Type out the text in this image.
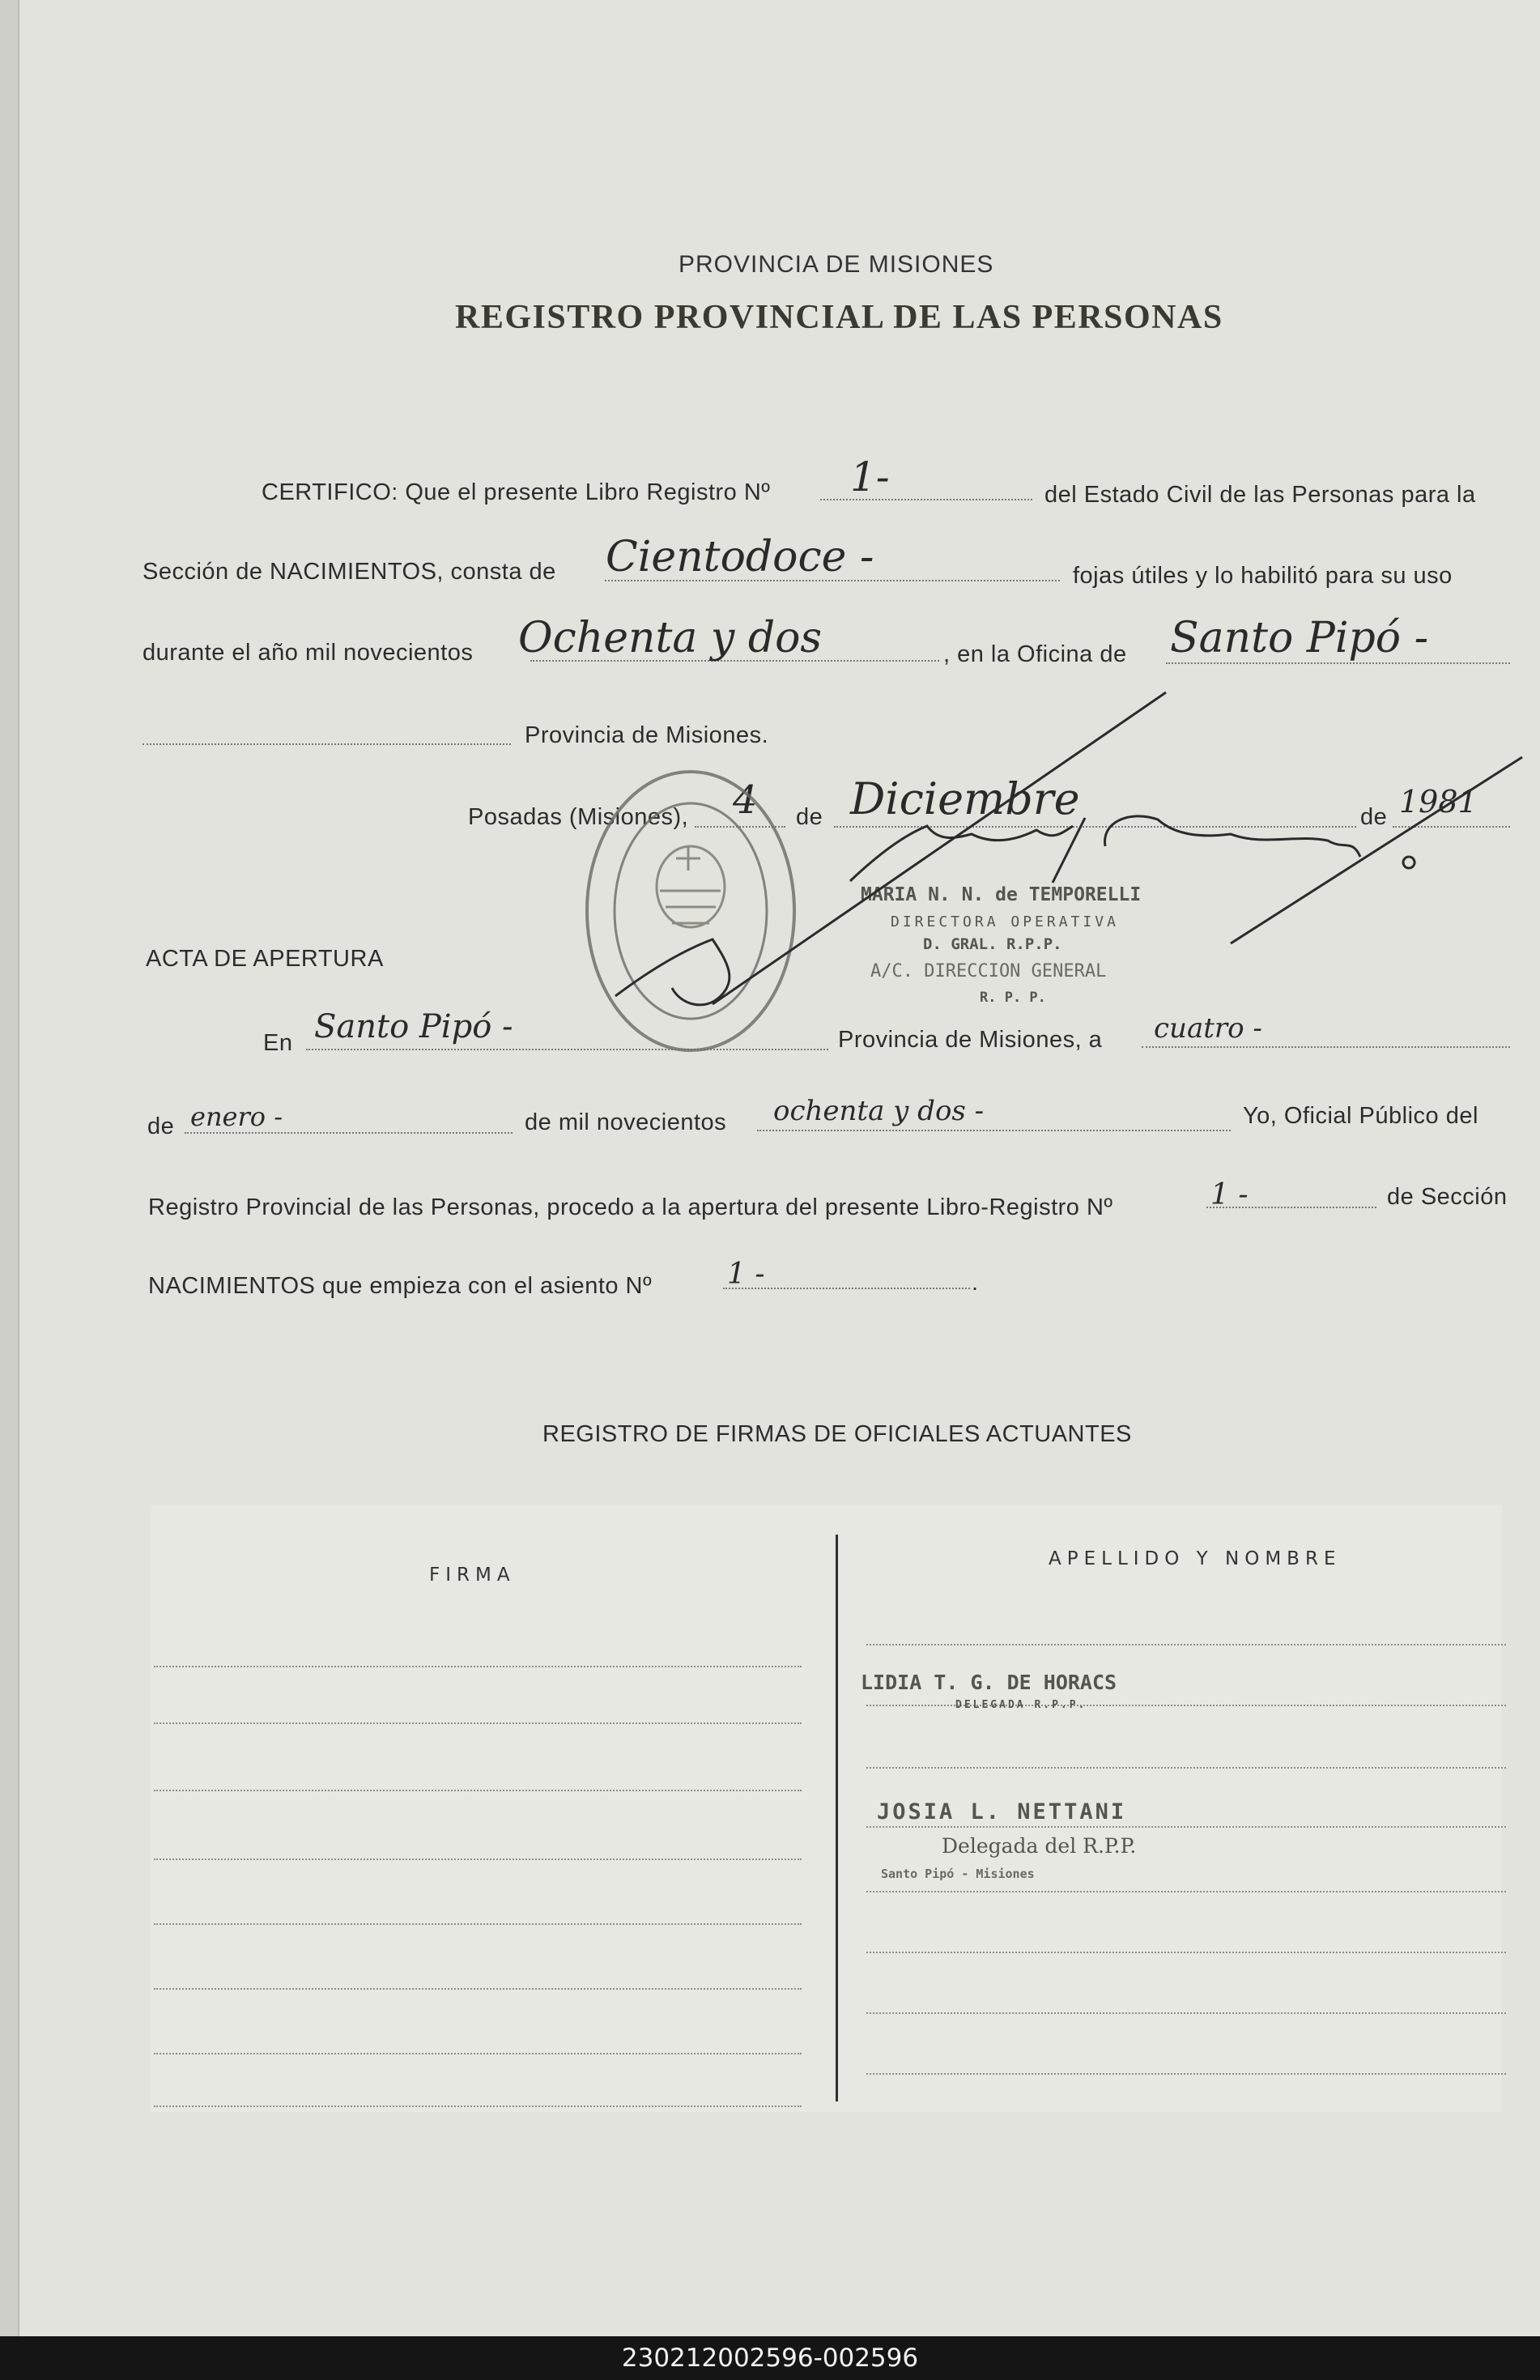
PROVINCIA DE MISIONES
REGISTRO PROVINCIAL DE LAS PERSONAS
CERTIFICO: Que el presente Libro Registro Nº 1-	del Estado Civil de las Personas para la
Sección de NACIMIENTOS, consta de Cientodoce -	fojas útiles y lo habilitó para su uso
durante el año mil novecientos Ochenta y dos	, en la Oficina de Santo Pipó -
Provincia de Misiones.
Posadas (Misiones), 4 de Diciembre	de 1981
ACTA DE APERTURA
En Santo Pipó -	Provincia de Misiones, a cuatro -
de enero -	de mil novecientos ochenta y dos -	Yo, Oficial Público del
Registro Provincial de las Personas, procedo a la apertura del presente Libro-Registro Nº	1 -	de Sección
NACIMIENTOS que empieza con el asiento Nº	1 -	.
MARIA N. N. de TEMPORELLI
DIRECTORA OPERATIVA
D. GRAL. R.P.P.
A/C. DIRECCION GENERAL
R. P. P.
REGISTRO DE FIRMAS DE OFICIALES ACTUANTES
FIRMA
APELLIDO Y NOMBRE
LIDIA T. G. DE HORACS
DELEGADA R.P.P.
JOSIA L. NETTANI
Delegada del R.P.P.
Santo Pipó - Misiones
230212002596-002596
